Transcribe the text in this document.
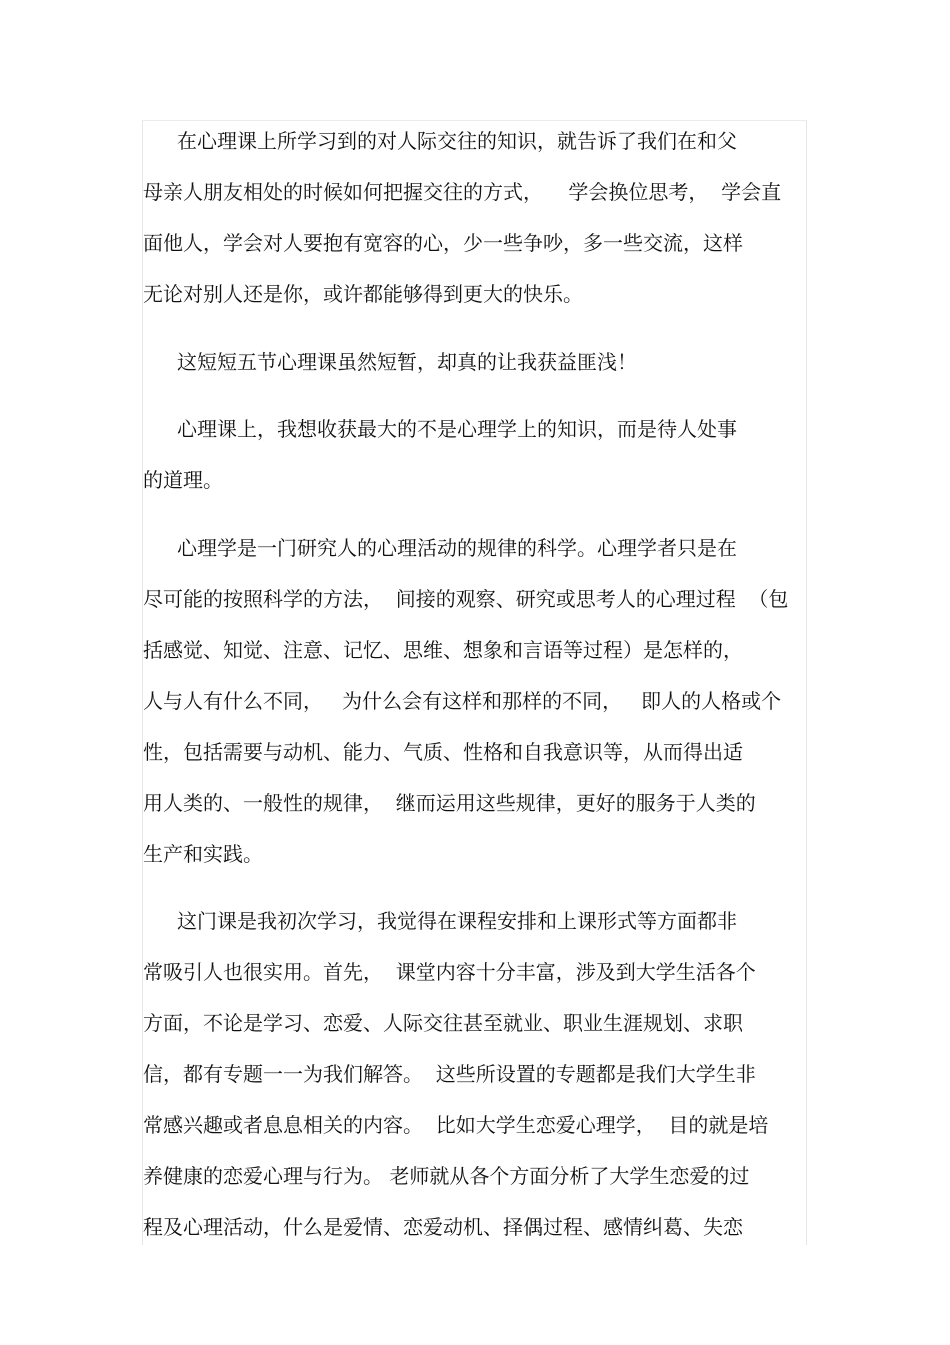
在心理课上所学习到的对人际交往的知识，就告诉了我们在和父
母亲人朋友相处的时候如何把握交往的方式，    学会换位思考，  学会直
面他人，学会对人要抱有宽容的心，少一些争吵，多一些交流，这样
无论对别人还是你，或许都能够得到更大的快乐。
这短短五节心理课虽然短暂，却真的让我获益匪浅！
心理课上，我想收获最大的不是心理学上的知识，而是待人处事
的道理。
心理学是一门研究人的心理活动的规律的科学。心理学者只是在
尽可能的按照科学的方法，  间接的观察、研究或思考人的心理过程  （包
括感觉、知觉、注意、记忆、思维、想象和言语等过程）是怎样的，
人与人有什么不同，   为什么会有这样和那样的不同，   即人的人格或个
性，包括需要与动机、能力、气质、性格和自我意识等，从而得出适
用人类的、一般性的规律，  继而运用这些规律，更好的服务于人类的
生产和实践。
这门课是我初次学习，我觉得在课程安排和上课形式等方面都非
常吸引人也很实用。首先，  课堂内容十分丰富，涉及到大学生活各个
方面，不论是学习、恋爱、人际交往甚至就业、职业生涯规划、求职
信，都有专题一一为我们解答。  这些所设置的专题都是我们大学生非
常感兴趣或者息息相关的内容。  比如大学生恋爱心理学，  目的就是培
养健康的恋爱心理与行为。 老师就从各个方面分析了大学生恋爱的过
程及心理活动，什么是爱情、恋爱动机、择偶过程、感情纠葛、失恋
